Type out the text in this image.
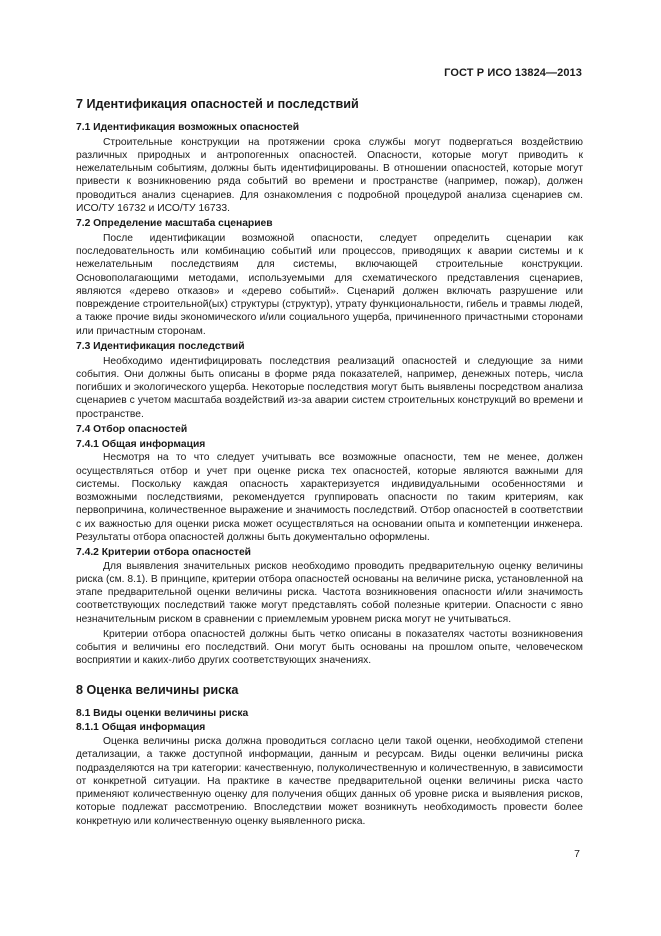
ГОСТ Р ИСО 13824—2013
7 Идентификация опасностей и последствий
7.1 Идентификация возможных опасностей

Строительные конструкции на протяжении срока службы могут подвергаться воздействию различных природных и антропогенных опасностей. Опасности, которые могут приводить к нежелательным событиям, должны быть идентифицированы. В отношении опасностей, которые могут привести к возникновению ряда событий во времени и пространстве (например, пожар), должен проводиться анализ сценариев. Для ознакомления с подробной процедурой анализа сценариев см. ИСО/ТУ 16732 и ИСО/ТУ 16733.

7.2 Определение масштаба сценариев

После идентификации возможной опасности, следует определить сценарии как последовательность или комбинацию событий или процессов, приводящих к аварии системы и к нежелательным последствиям для системы, включающей строительные конструкции. Основополагающими методами, используемыми для схематического представления сценариев, являются «дерево отказов» и «дерево событий». Сценарий должен включать разрушение или повреждение строительной(ых) структуры (структур), утрату функциональности, гибель и травмы людей, а также прочие виды экономического и/или социального ущерба, причиненного причастными сторонами или причастным сторонам.

7.3 Идентификация последствий

Необходимо идентифицировать последствия реализаций опасностей и следующие за ними события. Они должны быть описаны в форме ряда показателей, например, денежных потерь, числа погибших и экологического ущерба. Некоторые последствия могут быть выявлены посредством анализа сценариев с учетом масштаба воздействий из-за аварии систем строительных конструкций во времени и пространстве.

7.4 Отбор опасностей
7.4.1 Общая информация

Несмотря на то что следует учитывать все возможные опасности, тем не менее, должен осуществляться отбор и учет при оценке риска тех опасностей, которые являются важными для системы. Поскольку каждая опасность характеризуется индивидуальными особенностями и возможными последствиями, рекомендуется группировать опасности по таким критериям, как первопричина, количественное выражение и значимость последствий. Отбор опасностей в соответствии с их важностью для оценки риска может осуществляться на основании опыта и компетенции инженера. Результаты отбора опасностей должны быть документально оформлены.

7.4.2 Критерии отбора опасностей

Для выявления значительных рисков необходимо проводить предварительную оценку величины риска (см. 8.1). В принципе, критерии отбора опасностей основаны на величине риска, установленной на этапе предварительной оценки величины риска. Частота возникновения опасности и/или значимость соответствующих последствий также могут представлять собой полезные критерии. Опасности с явно незначительным риском в сравнении с приемлемым уровнем риска могут не учитываться.

Критерии отбора опасностей должны быть четко описаны в показателях частоты возникновения события и величины его последствий. Они могут быть основаны на прошлом опыте, человеческом восприятии и каких-либо других соответствующих значениях.

8 Оценка величины риска
8.1 Виды оценки величины риска
8.1.1 Общая информация

Оценка величины риска должна проводиться согласно цели такой оценки, необходимой степени детализации, а также доступной информации, данным и ресурсам. Виды оценки величины риска подразделяются на три категории: качественную, полуколичественную и количественную, в зависимости от конкретной ситуации. На практике в качестве предварительной оценки величины риска часто применяют количественную оценку для получения общих данных об уровне риска и выявления рисков, которые подлежат рассмотрению. Впоследствии может возникнуть необходимость провести более конкретную или количественную оценку выявленного риска.

7
